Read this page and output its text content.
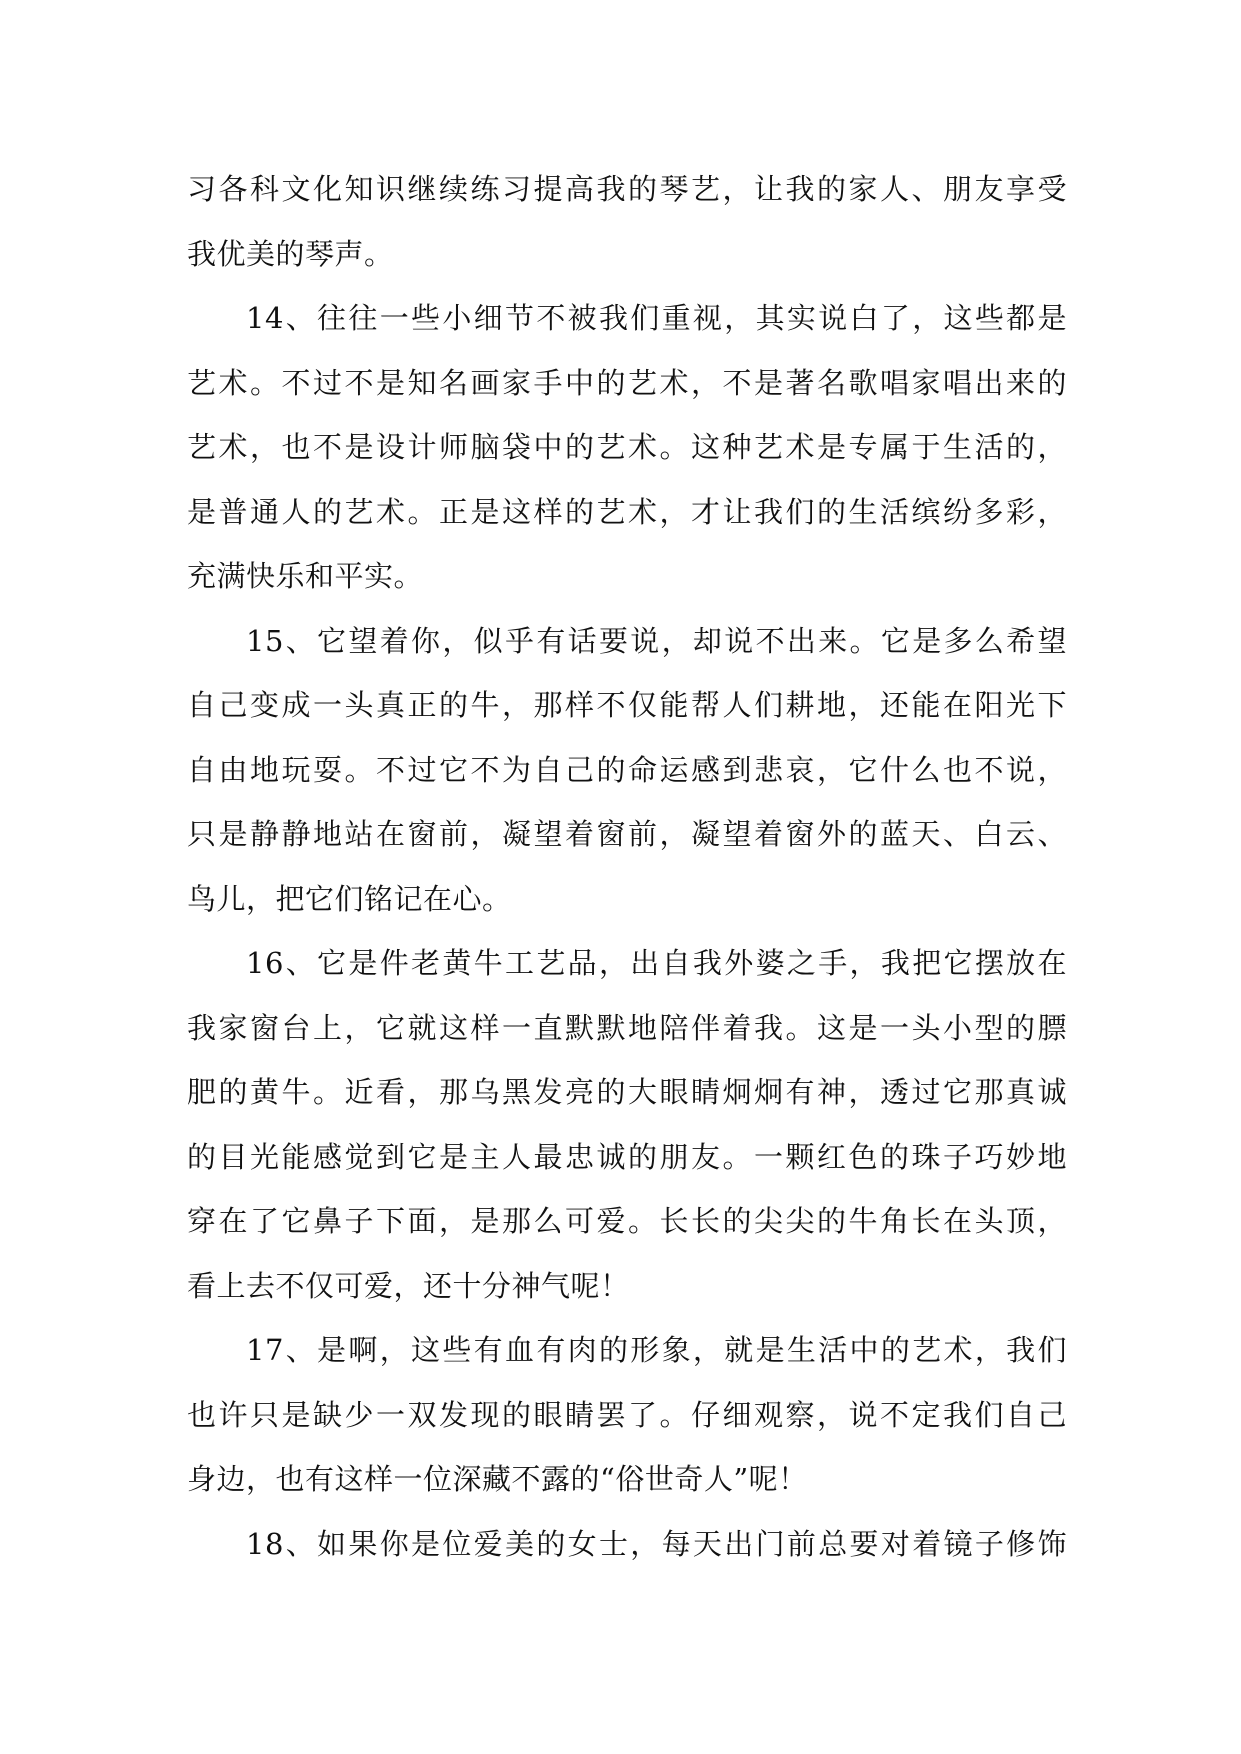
习各科文化知识继续练习提高我的琴艺，让我的家人、朋友享受
我优美的琴声。
14、往往一些小细节不被我们重视，其实说白了，这些都是
艺术。不过不是知名画家手中的艺术，不是著名歌唱家唱出来的
艺术，也不是设计师脑袋中的艺术。这种艺术是专属于生活的，
是普通人的艺术。正是这样的艺术，才让我们的生活缤纷多彩，
充满快乐和平实。
15、它望着你，似乎有话要说，却说不出来。它是多么希望
自己变成一头真正的牛，那样不仅能帮人们耕地，还能在阳光下
自由地玩耍。不过它不为自己的命运感到悲哀，它什么也不说，
只是静静地站在窗前，凝望着窗前，凝望着窗外的蓝天、白云、
鸟儿，把它们铭记在心。
16、它是件老黄牛工艺品，出自我外婆之手，我把它摆放在
我家窗台上，它就这样一直默默地陪伴着我。这是一头小型的膘
肥的黄牛。近看，那乌黑发亮的大眼睛炯炯有神，透过它那真诚
的目光能感觉到它是主人最忠诚的朋友。一颗红色的珠子巧妙地
穿在了它鼻子下面，是那么可爱。长长的尖尖的牛角长在头顶，
看上去不仅可爱，还十分神气呢！
17、是啊，这些有血有肉的形象，就是生活中的艺术，我们
也许只是缺少一双发现的眼睛罢了。仔细观察，说不定我们自己
身边，也有这样一位深藏不露的“俗世奇人”呢！
18、如果你是位爱美的女士，每天出门前总要对着镜子修饰
